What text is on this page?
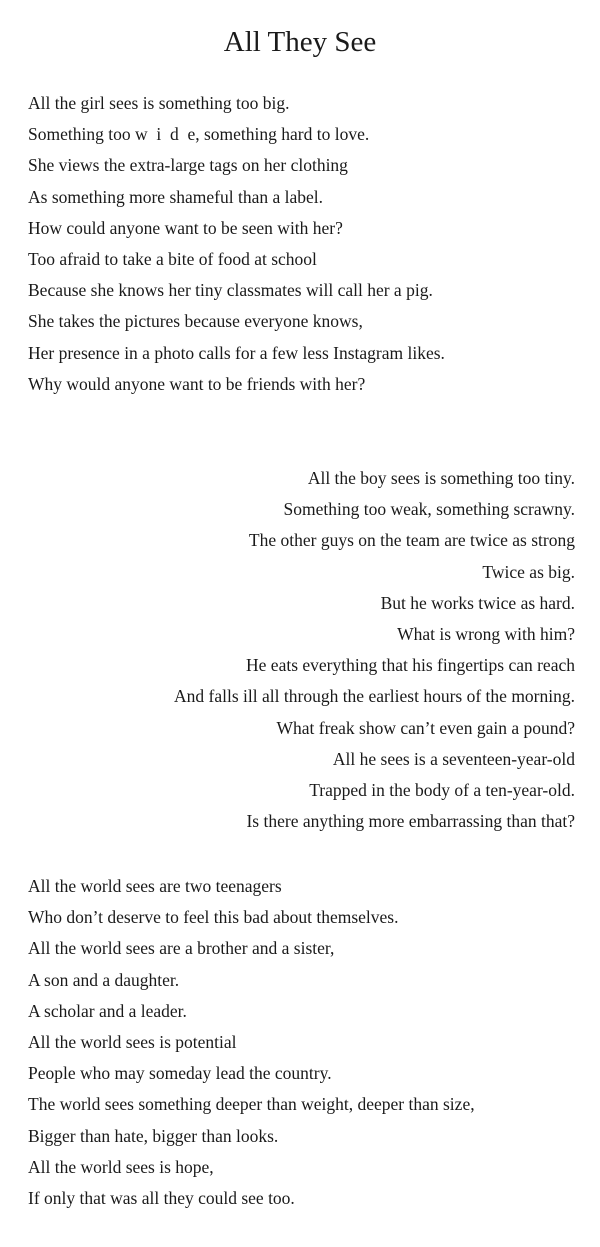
All They See
All the girl sees is something too big.
Something too w  i  d  e, something hard to love.
She views the extra-large tags on her clothing
As something more shameful than a label.
How could anyone want to be seen with her?
Too afraid to take a bite of food at school
Because she knows her tiny classmates will call her a pig.
She takes the pictures because everyone knows,
Her presence in a photo calls for a few less Instagram likes.
Why would anyone want to be friends with her?
All the boy sees is something too tiny.
Something too weak, something scrawny.
The other guys on the team are twice as strong
Twice as big.
But he works twice as hard.
What is wrong with him?
He eats everything that his fingertips can reach
And falls ill all through the earliest hours of the morning.
What freak show can’t even gain a pound?
All he sees is a seventeen-year-old
Trapped in the body of a ten-year-old.
Is there anything more embarrassing than that?
All the world sees are two teenagers
Who don’t deserve to feel this bad about themselves.
All the world sees are a brother and a sister,
A son and a daughter.
A scholar and a leader.
All the world sees is potential
People who may someday lead the country.
The world sees something deeper than weight, deeper than size,
Bigger than hate, bigger than looks.
All the world sees is hope,
If only that was all they could see too.
